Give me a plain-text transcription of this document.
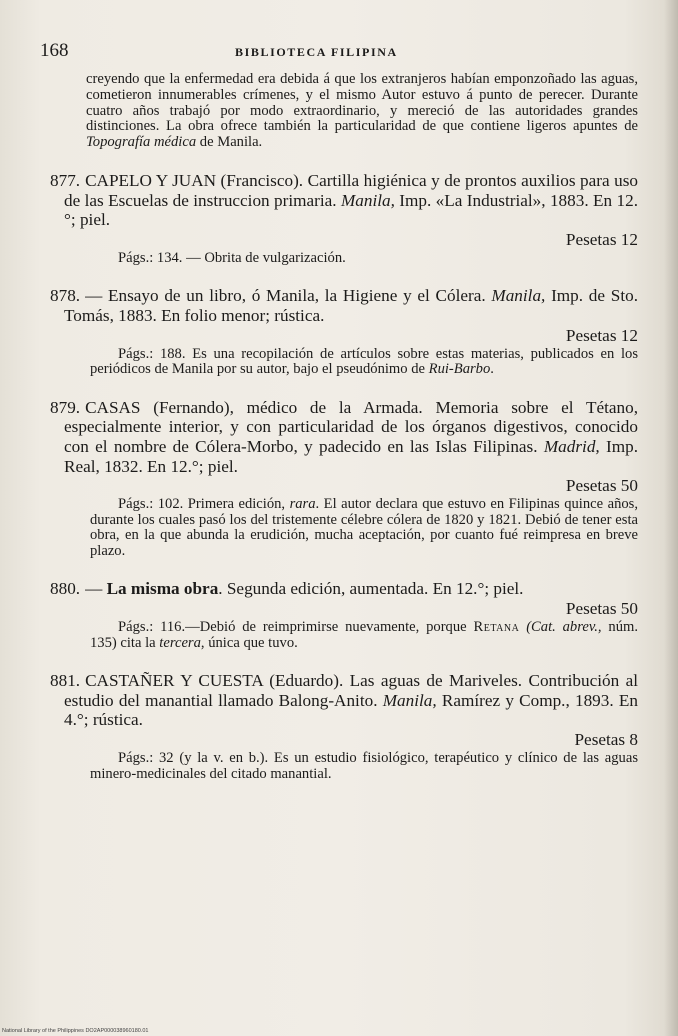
168	BIBLIOTECA FILIPINA

creyendo que la enfermedad era debida á que los extranjeros habían emponzoñado las aguas, cometieron innumerables crímenes, y el mismo Autor estuvo á punto de perecer. Durante cuatro años trabajó por modo extraordinario, y mereció de las autoridades grandes distinciones. La obra ofrece también la particularidad de que contiene ligeros apuntes de Topografía médica de Manila.

877. CAPELO Y JUAN (Francisco). Cartilla higiénica y de prontos auxilios para uso de las Escuelas de instruccion primaria. Manila, Imp. «La Industrial», 1883. En 12.°; piel.

Pesetas 12

Págs.: 134. — Obrita de vulgarización.

878. — Ensayo de un libro, ó Manila, la Higiene y el Cólera. Manila, Imp. de Sto. Tomás, 1883. En folio menor; rústica.

Pesetas 12

Págs.: 188. Es una recopilación de artículos sobre estas materias, publicados en los periódicos de Manila por su autor, bajo el pseudónimo de Rui-Barbo.

879. CASAS (Fernando), médico de la Armada. Memoria sobre el Tétano, especialmente interior, y con particularidad de los órganos digestivos, conocido con el nombre de Cólera-Morbo, y padecido en las Islas Filipinas. Madrid, Imp. Real, 1832. En 12.°; piel.

Pesetas 50

Págs.: 102. Primera edición, rara. El autor declara que estuvo en Filipinas quince años, durante los cuales pasó los del tristemente célebre cólera de 1820 y 1821. Debió de tener esta obra, en la que abunda la erudición, mucha aceptación, por cuanto fué reimpresa en breve plazo.

880. — La misma obra. Segunda edición, aumentada. En 12.°; piel.

Pesetas 50

Págs.: 116.—Debió de reimprimirse nuevamente, porque Retana (Cat. abrev., núm. 135) cita la tercera, única que tuvo.

881. CASTAÑER Y CUESTA (Eduardo). Las aguas de Mariveles. Contribución al estudio del manantial llamado Balong-Anito. Manila, Ramírez y Comp., 1893. En 4.°; rústica.

Pesetas 8

Págs.: 32 (y la v. en b.). Es un estudio fisiológico, terapéutico y clínico de las aguas minero-medicinales del citado manantial.

National Library of the Philippines DO2AP000038960180.01
